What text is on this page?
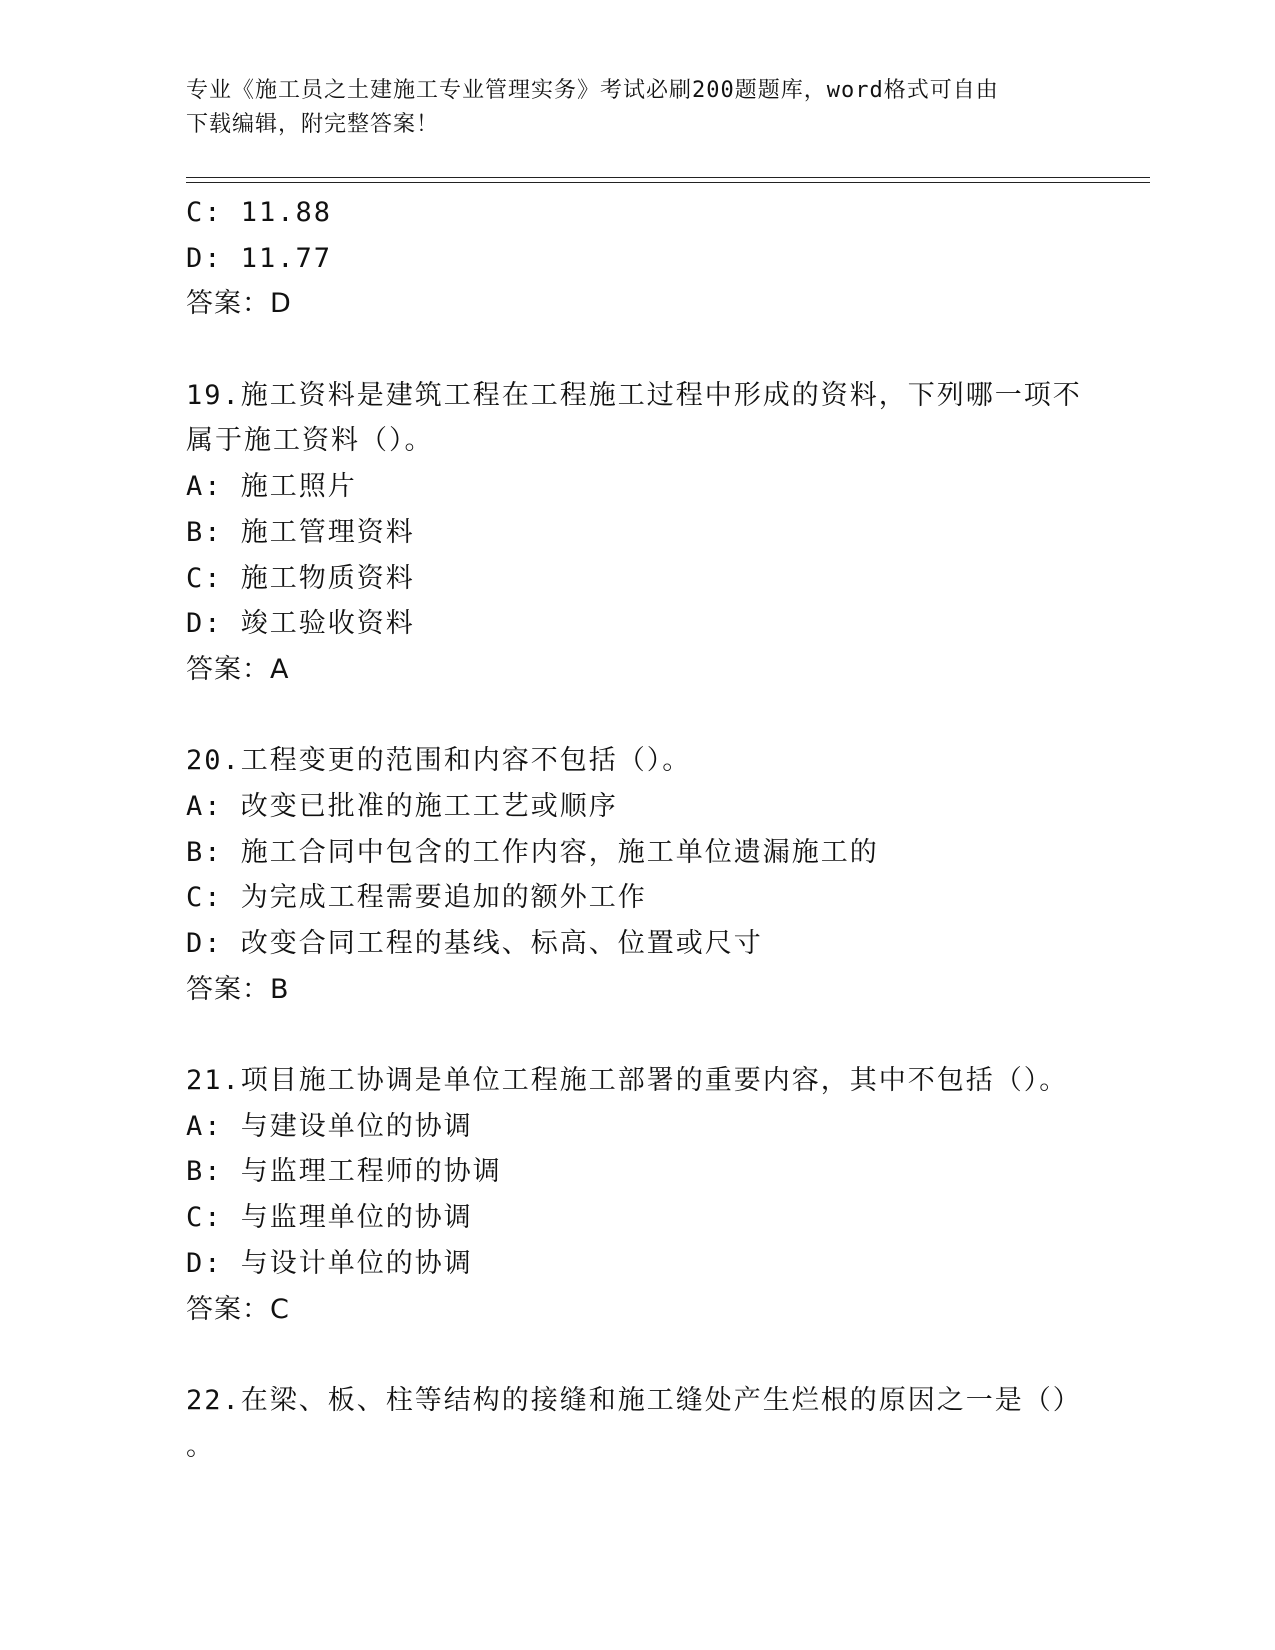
专业《施工员之土建施工专业管理实务》考试必刷200题题库，word格式可自由
下载编辑，附完整答案！
C: 11.88
D: 11.77
答案：D
19.施工资料是建筑工程在工程施工过程中形成的资料，下列哪一项不
属于施工资料（）。
A: 施工照片
B: 施工管理资料
C: 施工物质资料
D: 竣工验收资料
答案：A
20.工程变更的范围和内容不包括（）。
A: 改变已批准的施工工艺或顺序
B: 施工合同中包含的工作内容，施工单位遗漏施工的
C: 为完成工程需要追加的额外工作
D: 改变合同工程的基线、标高、位置或尺寸
答案：B
21.项目施工协调是单位工程施工部署的重要内容，其中不包括（）。
A: 与建设单位的协调
B: 与监理工程师的协调
C: 与监理单位的协调
D: 与设计单位的协调
答案：C
22.在梁、板、柱等结构的接缝和施工缝处产生烂根的原因之一是（）
。
